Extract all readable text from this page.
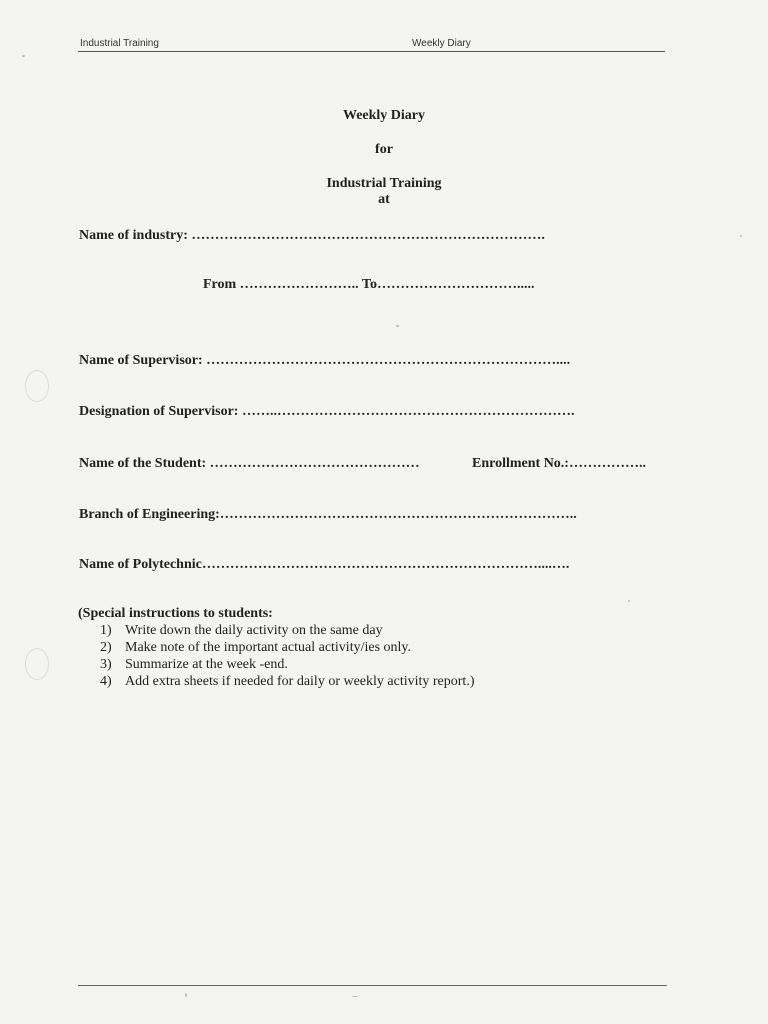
Industrial Training	Weekly Diary
Weekly Diary
for
Industrial Training
at
Name of industry: ………………………………………………………………….
From …………………….. To………………………….....
Name of Supervisor: …………………………………………………………………....
Designation of Supervisor: ……..……………………………………………………….
Name of the Student: ………………………………………	Enrollment No.:……………..
Branch of Engineering:…………………………………………………………………..
Name of Polytechnic………………………………………………………………....….
(Special instructions to students:
1) Write down the daily activity on the same day
2) Make note of the important actual activity/ies only.
3) Summarize at the week -end.
4) Add extra sheets if needed for daily or weekly activity report.)
